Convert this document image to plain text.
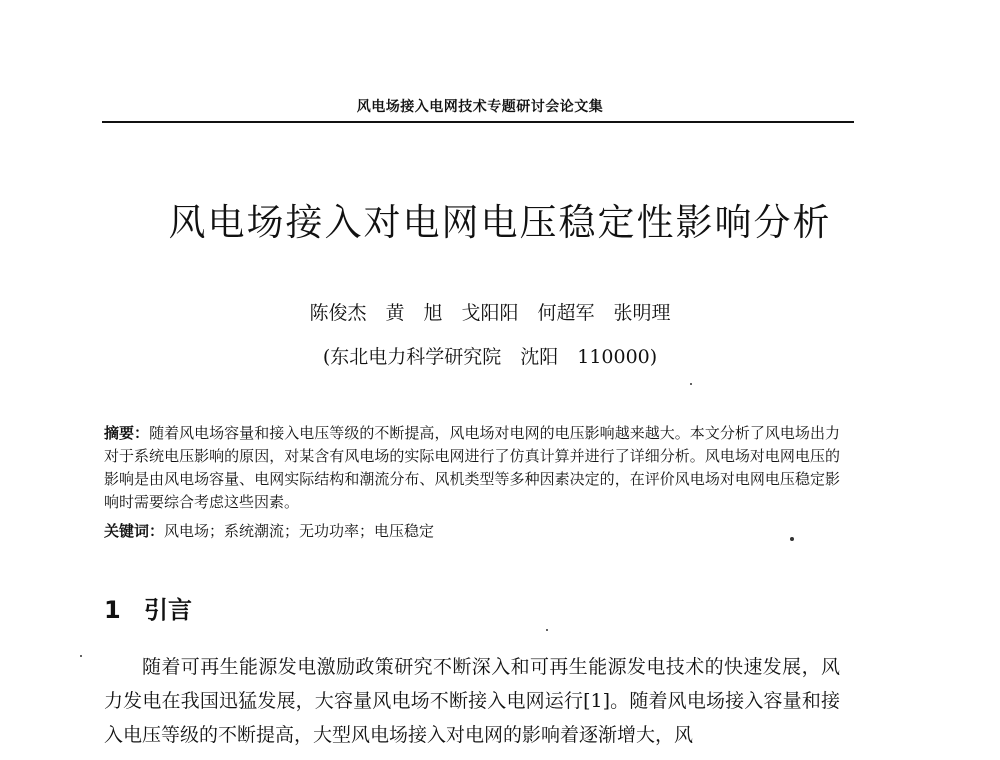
风电场接入电网技术专题研讨会论文集
风电场接入对电网电压稳定性影响分析
陈俊杰　黄　旭　戈阳阳　何超军　张明理
(东北电力科学研究院　沈阳　110000)
摘要：随着风电场容量和接入电压等级的不断提高，风电场对电网的电压影响越来越大。本文分析了风电场出力对于系统电压影响的原因，对某含有风电场的实际电网进行了仿真计算并进行了详细分析。风电场对电网电压的影响是由风电场容量、电网实际结构和潮流分布、风机类型等多种因素决定的，在评价风电场对电网电压稳定影响时需要综合考虑这些因素。
关键词：风电场；系统潮流；无功功率；电压稳定
1 引言
随着可再生能源发电激励政策研究不断深入和可再生能源发电技术的快速发展，风力发电在我国迅猛发展，大容量风电场不断接入电网运行[1]。随着风电场接入容量和接入电压等级的不断提高，大型风电场接入对电网的影响着逐渐增大，风
